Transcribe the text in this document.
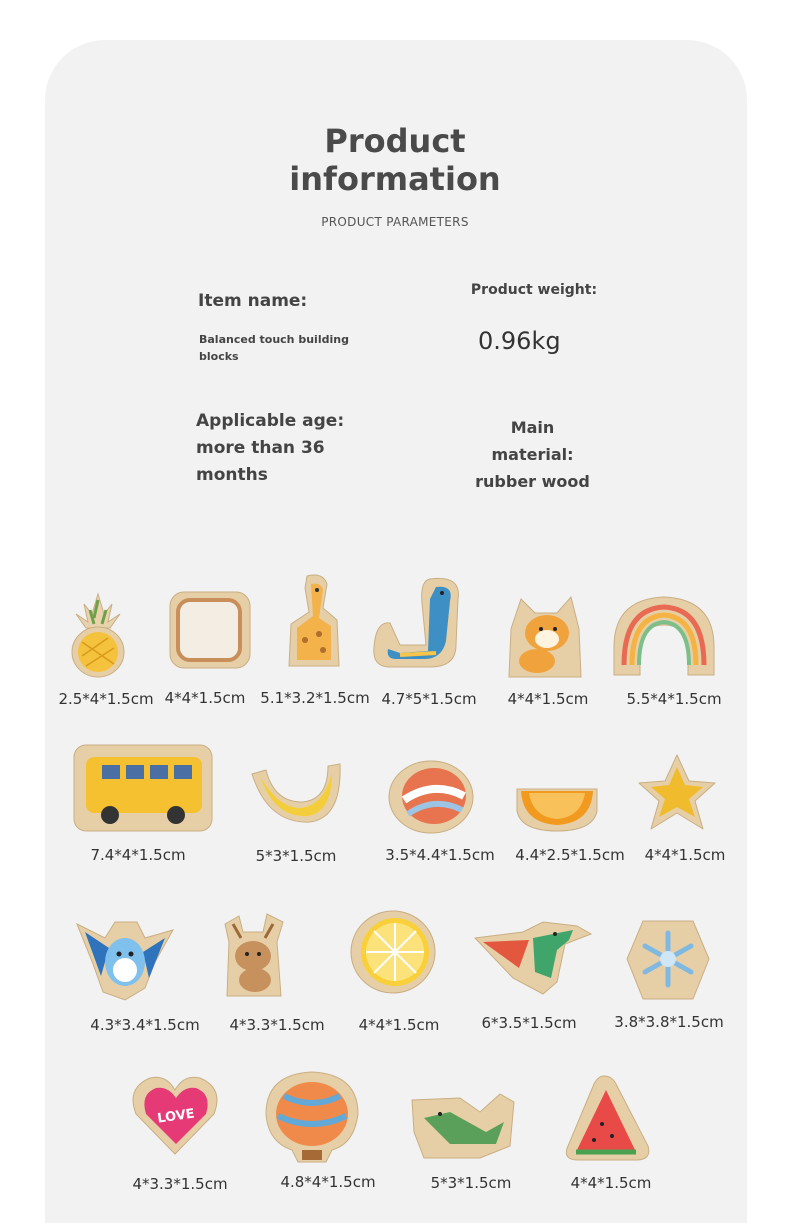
Product
information
PRODUCT PARAMETERS
Item name:
Balanced touch building blocks
Product weight:
0.96kg
Applicable age: more than 36 months
Main material: rubber wood
LOVE
2.5*4*1.5cm 4*4*1.5cm 5.1*3.2*1.5cm 4.7*5*1.5cm 4*4*1.5cm	5.5*4*1.5cm
7.4*4*1.5cm	5*3*1.5cm	3.5*4.4*1.5cm 4.4*2.5*1.5cm 4*4*1.5cm
4.3*3.4*1.5cm 4*3.3*1.5cm 4*4*1.5cm	6*3.5*1.5cm	3.8*3.8*1.5cm
4*3.3*1.5cm	4.8*4*1.5cm	5*3*1.5cm	4*4*1.5cm
